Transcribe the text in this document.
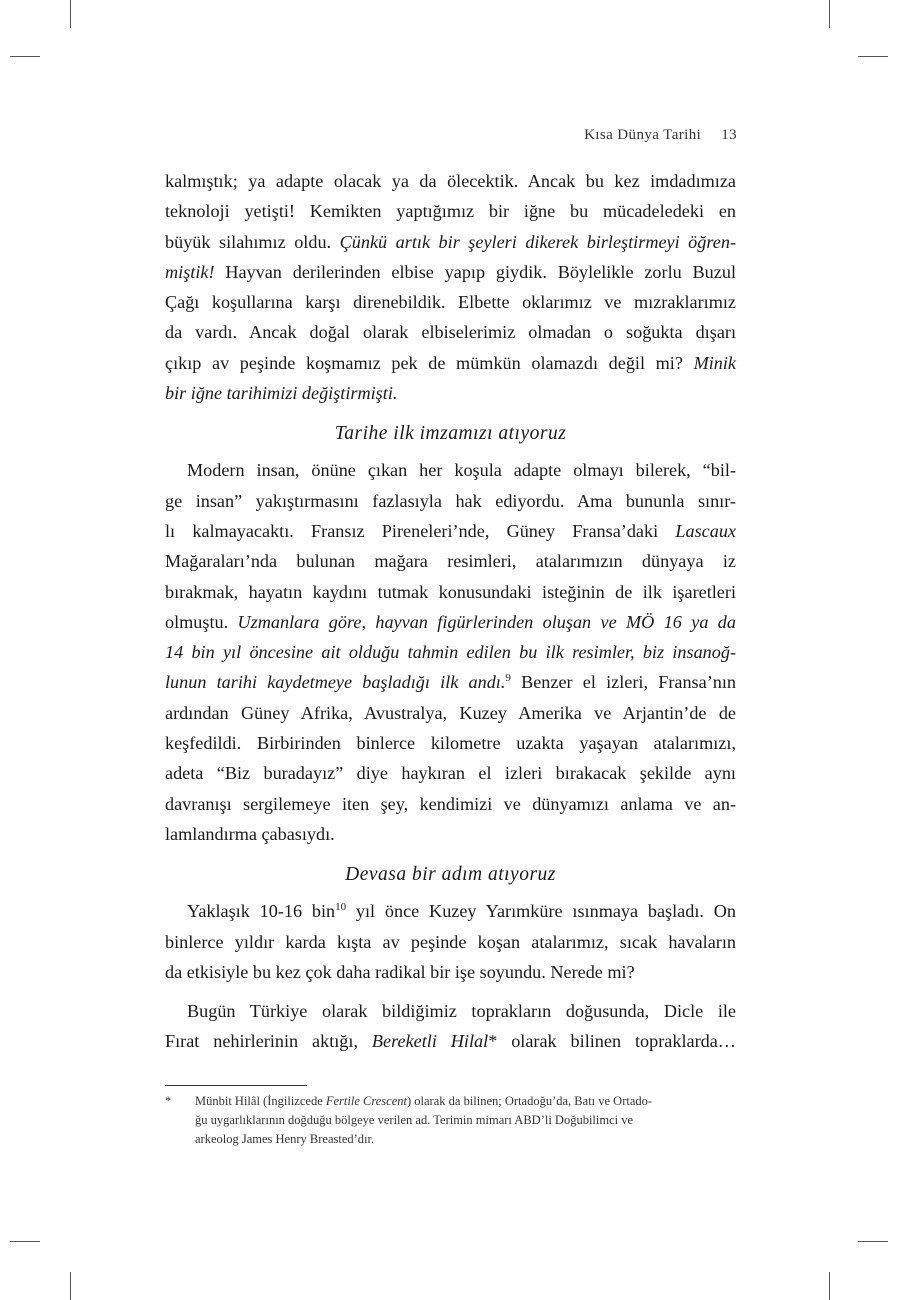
Kısa Dünya Tarihi 13
kalmıştık; ya adapte olacak ya da ölecektik. Ancak bu kez imdadımıza
teknoloji yetişti! Kemikten yaptığımız bir iğne bu mücadeledeki en
büyük silahımız oldu. Çünkü artık bir şeyleri dikerek birleştirmeyi öğren-
miştik! Hayvan derilerinden elbise yapıp giydik. Böylelikle zorlu Buzul
Çağı koşullarına karşı direnebildik. Elbette oklarımız ve mızraklarımız
da vardı. Ancak doğal olarak elbiselerimiz olmadan o soğukta dışarı
çıkıp av peşinde koşmamız pek de mümkün olamazdı değil mi? Minik
bir iğne tarihimizi değiştirmişti.
Tarihe ilk imzamızı atıyoruz
Modern insan, önüne çıkan her koşula adapte olmayı bilerek, “bil-
ge insan” yakıştırmasını fazlasıyla hak ediyordu. Ama bununla sınır-
lı kalmayacaktı. Fransız Pireneleri’nde, Güney Fransa’daki Lascaux
Mağaraları’nda bulunan mağara resimleri, atalarımızın dünyaya iz
bırakmak, hayatın kaydını tutmak konusundaki isteğinin de ilk işaretleri
olmuştu. Uzmanlara göre, hayvan figürlerinden oluşan ve MÖ 16 ya da
14 bin yıl öncesine ait olduğu tahmin edilen bu ilk resimler, biz insanoğ-
lunun tarihi kaydetmeye başladığı ilk andı.$^9$ Benzer el izleri, Fransa’nın
ardından Güney Afrika, Avustralya, Kuzey Amerika ve Arjantin’de de
keşfedildi. Birbirinden binlerce kilometre uzakta yaşayan atalarımızı,
adeta “Biz buradayız” diye haykıran el izleri bırakacak şekilde aynı
davranışı sergilemeye iten şey, kendimizi ve dünyamızı anlama ve an-
lamlandırma çabasıydı.
Devasa bir adım atıyoruz
Yaklaşık 10-16 bin$^{10}$ yıl önce Kuzey Yarımküre ısınmaya başladı. On
binlerce yıldır karda kışta av peşinde koşan atalarımız, sıcak havaların
da etkisiyle bu kez çok daha radikal bir işe soyundu. Nerede mi?
Bugün Türkiye olarak bildiğimiz toprakların doğusunda, Dicle ile
Fırat nehirlerinin aktığı, Bereketli Hilal* olarak bilinen topraklarda…
*	Münbit Hilâl (İngilizcede Fertile Crescent) olarak da bilinen; Ortadoğu’da, Batı ve Ortado-
ğu uygarlıklarının doğduğu bölgeye verilen ad. Terimin mimarı ABD’li Doğubilimci ve
arkeolog James Henry Breasted’dır.
